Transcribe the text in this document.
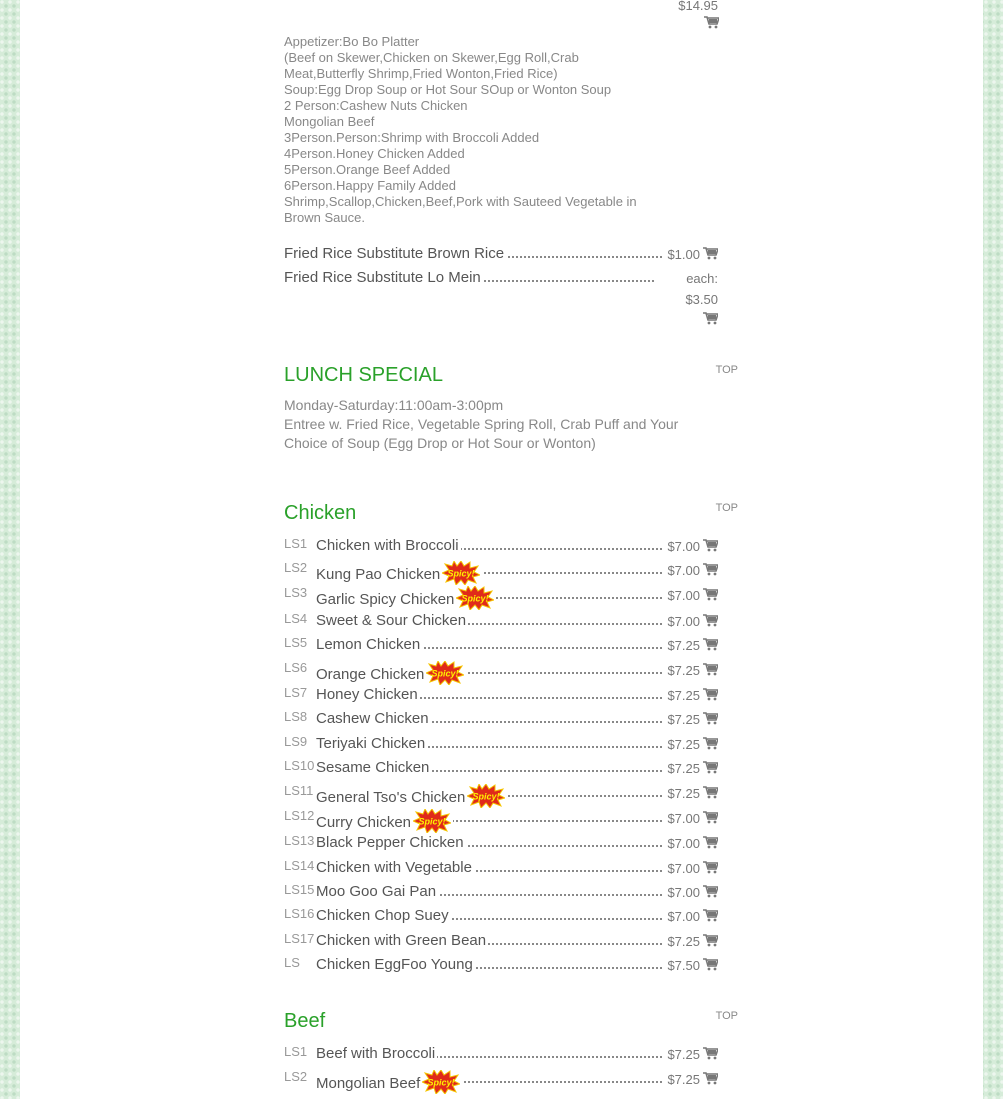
$14.95
Appetizer:Bo Bo Platter
(Beef on Skewer,Chicken on Skewer,Egg Roll,Crab
Meat,Butterfly Shrimp,Fried Wonton,Fried Rice)
Soup:Egg Drop Soup or Hot Sour SOup or Wonton Soup
2 Person:Cashew Nuts Chicken
Mongolian Beef
3Person.Person:Shrimp with Broccoli Added
4Person.Honey Chicken Added
5Person.Orange Beef Added
6Person.Happy Family Added
Shrimp,Scallop,Chicken,Beef,Pork with Sauteed Vegetable in
Brown Sauce.
Fried Rice Substitute Brown Rice	$1.00
Fried Rice Substitute Lo Mein	each:
$3.50
LUNCH SPECIAL	TOP
Monday-Saturday:11:00am-3:00pm
Entree w. Fried Rice, Vegetable Spring Roll, Crab Puff and Your Choice of Soup (Egg Drop or Hot Sour or Wonton)
Chicken	TOP
LS1 Chicken with Broccoli	$7.00
LS2 Kung Pao Chicken Spicy!	$7.00
LS3 Garlic Spicy Chicken Spicy!	$7.00
LS4 Sweet & Sour Chicken	$7.00
LS5 Lemon Chicken	$7.25
LS6 Orange Chicken Spicy!	$7.25
LS7 Honey Chicken	$7.25
LS8 Cashew Chicken	$7.25
LS9 Teriyaki Chicken	$7.25
LS10 Sesame Chicken	$7.25
LS11 General Tso's Chicken Spicy!	$7.25
LS12 Curry Chicken Spicy!	$7.00
LS13 Black Pepper Chicken	$7.00
LS14 Chicken with Vegetable	$7.00
LS15 Moo Goo Gai Pan	$7.00
LS16 Chicken Chop Suey	$7.00
LS17 Chicken with Green Bean	$7.25
LS Chicken EggFoo Young	$7.50
Beef	TOP
LS1 Beef with Broccoli	$7.25
LS2 Mongolian Beef Spicy!	$7.25
